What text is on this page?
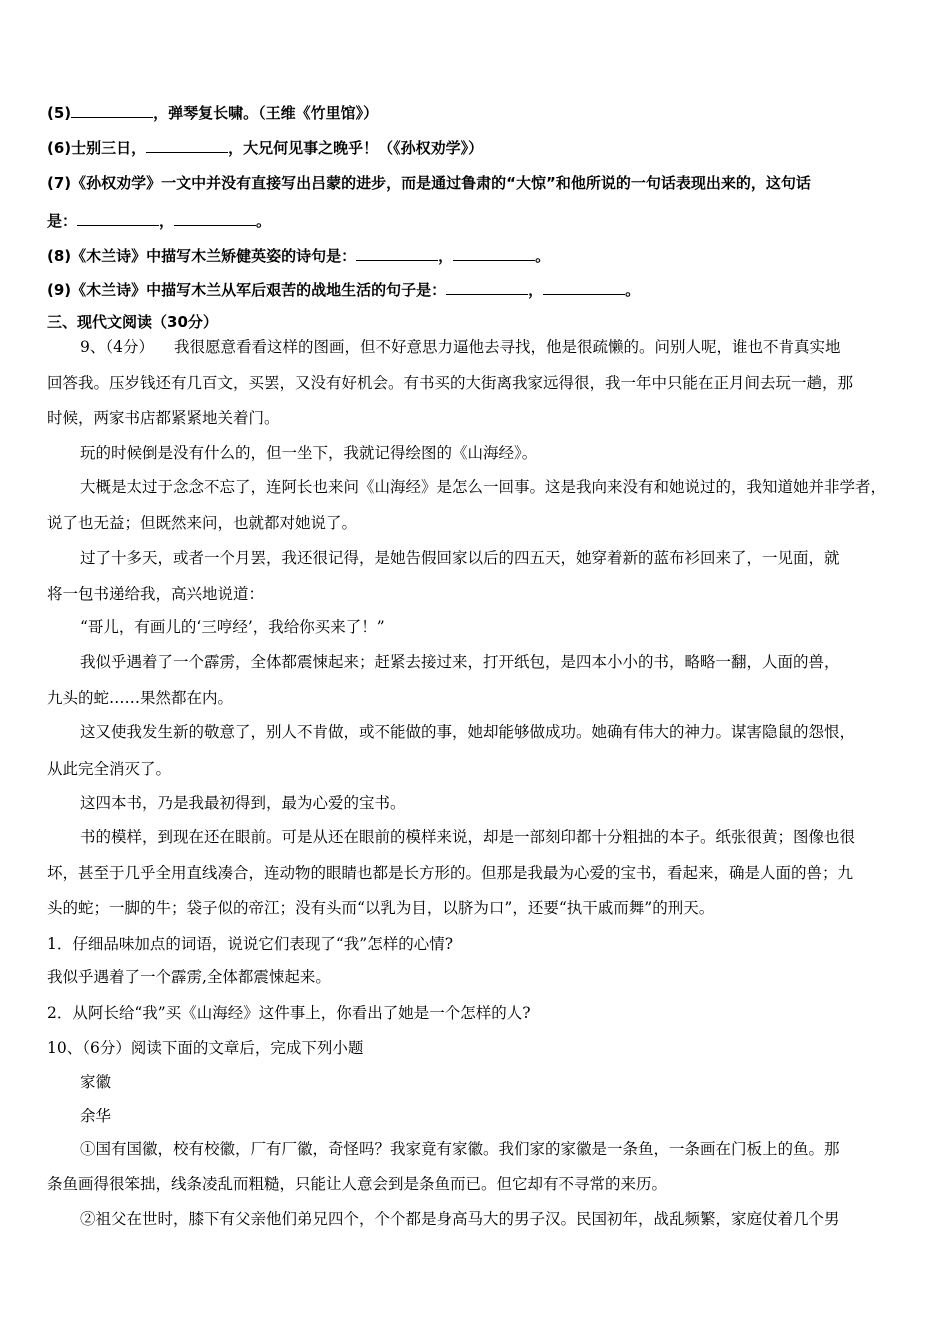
(5)	，弹琴复长啸。（王维《竹里馆》）
(6)士别三日，	，大兄何见事之晚乎！（《孙权劝学》）
(7)《孙权劝学》一文中并没有直接写出吕蒙的进步，而是通过鲁肃的“大惊”和他所说的一句话表现出来的，这句话
是：	，	。
(8)《木兰诗》中描写木兰矫健英姿的诗句是：	，	。
(9)《木兰诗》中描写木兰从军后艰苦的战地生活的句子是：	，	。
三、现代文阅读（30分）
9、（4分） 我很愿意看看这样的图画，但不好意思力逼他去寻找，他是很疏懒的。问别人呢，谁也不肯真实地
回答我。压岁钱还有几百文，买罢，又没有好机会。有书买的大街离我家远得很，我一年中只能在正月间去玩一趟，那
时候，两家书店都紧紧地关着门。
玩的时候倒是没有什么的，但一坐下，我就记得绘图的《山海经》。
大概是太过于念念不忘了，连阿长也来问《山海经》是怎么一回事。这是我向来没有和她说过的，我知道她并非学者，
说了也无益；但既然来问，也就都对她说了。
过了十多天，或者一个月罢，我还很记得，是她告假回家以后的四五天，她穿着新的蓝布衫回来了，一见面，就
将一包书递给我，高兴地说道：
“哥儿，有画儿的‘三哼经’，我给你买来了！”
我似乎遇着了一个霹雳，全体都震悚起来；赶紧去接过来，打开纸包，是四本小小的书，略略一翻，人面的兽，
九头的蛇……果然都在内。
这又使我发生新的敬意了，别人不肯做，或不能做的事，她却能够做成功。她确有伟大的神力。谋害隐鼠的怨恨，
从此完全消灭了。
这四本书，乃是我最初得到，最为心爱的宝书。
书的模样，到现在还在眼前。可是从还在眼前的模样来说，却是一部刻印都十分粗拙的本子。纸张很黄；图像也很
坏，甚至于几乎全用直线凑合，连动物的眼睛也都是长方形的。但那是我最为心爱的宝书，看起来，确是人面的兽；九
头的蛇；一脚的牛；袋子似的帝江；没有头而“以乳为目，以脐为口”，还要“执干戚而舞”的刑天。
1．仔细品味加点的词语，说说它们表现了“我”怎样的心情?
我似乎遇着了一个霹雳,全体都震悚起来。
2．从阿长给“我”买《山海经》这件事上，你看出了她是一个怎样的人?
10、（6分）阅读下面的文章后，完成下列小题
家徽
余华
①国有国徽，校有校徽，厂有厂徽，奇怪吗？我家竟有家徽。我们家的家徽是一条鱼，一条画在门板上的鱼。那
条鱼画得很笨拙，线条凌乱而粗糙，只能让人意会到是条鱼而已。但它却有不寻常的来历。
②祖父在世时，膝下有父亲他们弟兄四个，个个都是身高马大的男子汉。民国初年，战乱频繁，家庭仗着几个男
